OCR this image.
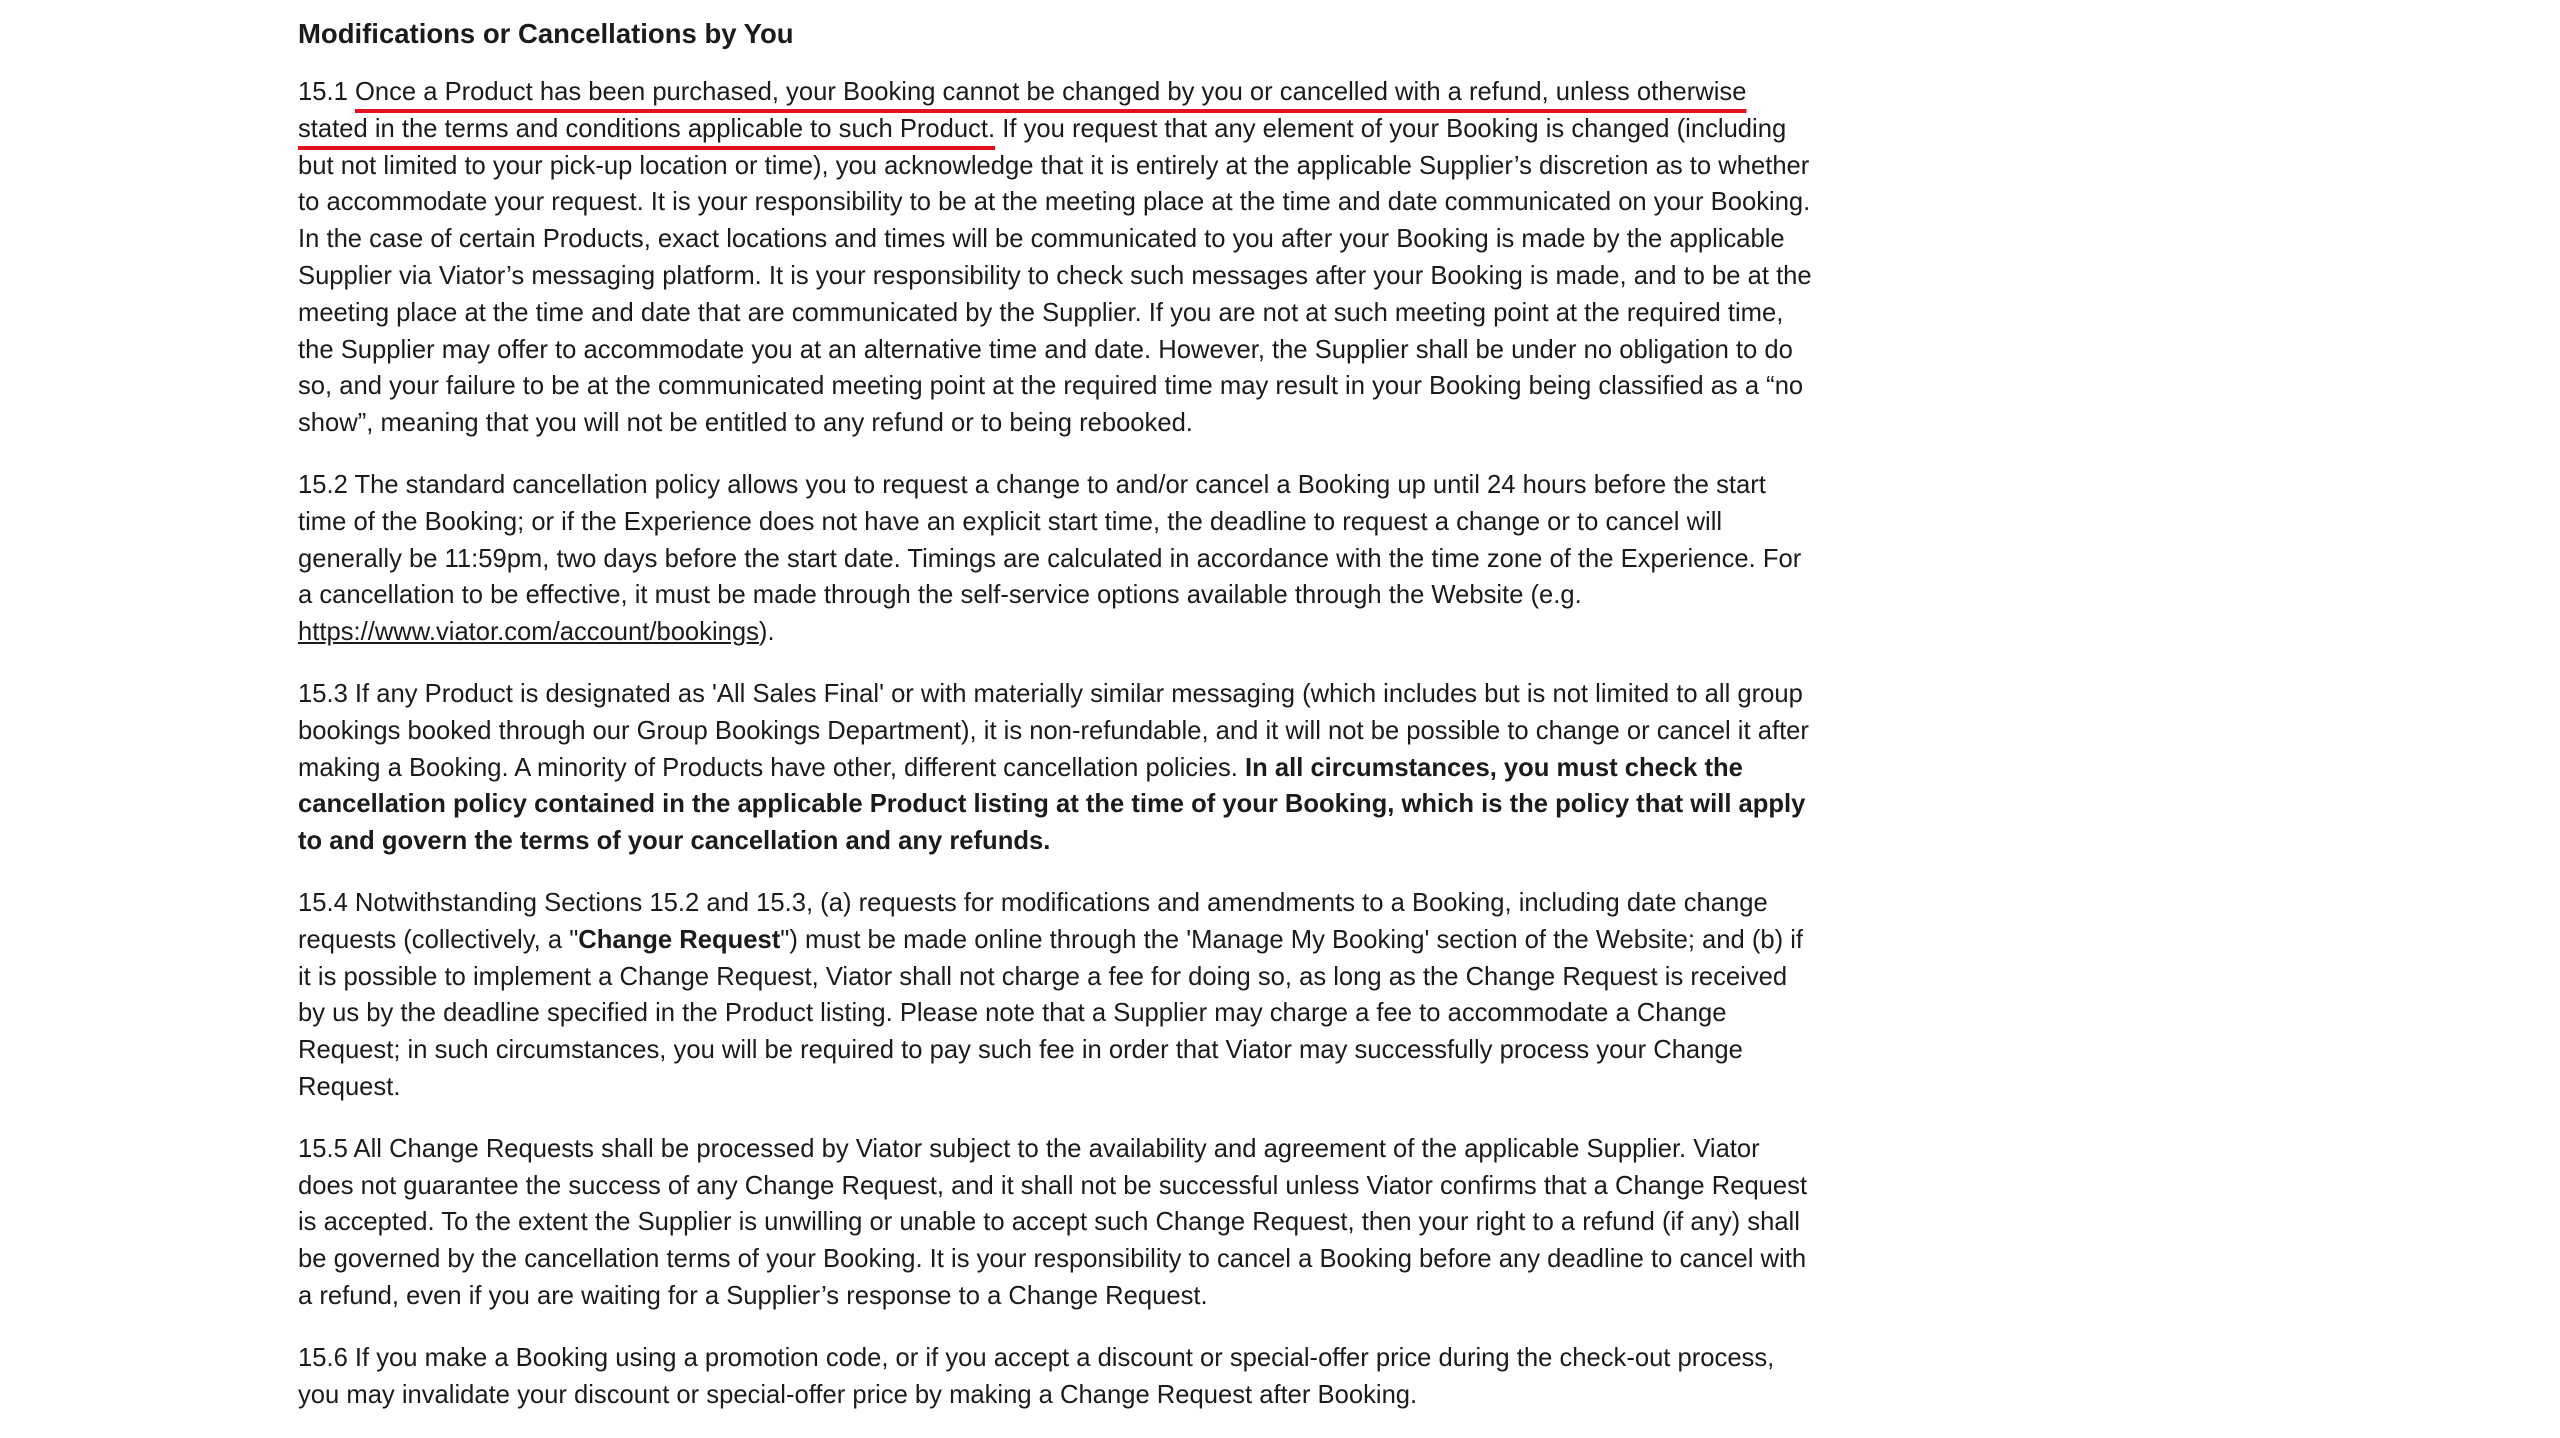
Modifications or Cancellations by You

15.1 Once a Product has been purchased, your Booking cannot be changed by you or cancelled with a refund, unless otherwise stated in the terms and conditions applicable to such Product. If you request that any element of your Booking is changed (including but not limited to your pick-up location or time), you acknowledge that it is entirely at the applicable Supplier’s discretion as to whether to accommodate your request. It is your responsibility to be at the meeting place at the time and date communicated on your Booking. In the case of certain Products, exact locations and times will be communicated to you after your Booking is made by the applicable Supplier via Viator’s messaging platform. It is your responsibility to check such messages after your Booking is made, and to be at the meeting place at the time and date that are communicated by the Supplier. If you are not at such meeting point at the required time, the Supplier may offer to accommodate you at an alternative time and date. However, the Supplier shall be under no obligation to do so, and your failure to be at the communicated meeting point at the required time may result in your Booking being classified as a “no show”, meaning that you will not be entitled to any refund or to being rebooked.

15.2 The standard cancellation policy allows you to request a change to and/or cancel a Booking up until 24 hours before the start time of the Booking; or if the Experience does not have an explicit start time, the deadline to request a change or to cancel will generally be 11:59pm, two days before the start date. Timings are calculated in accordance with the time zone of the Experience. For a cancellation to be effective, it must be made through the self-service options available through the Website (e.g. https://www.viator.com/account/bookings).

15.3 If any Product is designated as 'All Sales Final' or with materially similar messaging (which includes but is not limited to all group bookings booked through our Group Bookings Department), it is non-refundable, and it will not be possible to change or cancel it after making a Booking. A minority of Products have other, different cancellation policies. In all circumstances, you must check the cancellation policy contained in the applicable Product listing at the time of your Booking, which is the policy that will apply to and govern the terms of your cancellation and any refunds.

15.4 Notwithstanding Sections 15.2 and 15.3, (a) requests for modifications and amendments to a Booking, including date change requests (collectively, a "Change Request") must be made online through the 'Manage My Booking' section of the Website; and (b) if it is possible to implement a Change Request, Viator shall not charge a fee for doing so, as long as the Change Request is received by us by the deadline specified in the Product listing. Please note that a Supplier may charge a fee to accommodate a Change Request; in such circumstances, you will be required to pay such fee in order that Viator may successfully process your Change Request.

15.5 All Change Requests shall be processed by Viator subject to the availability and agreement of the applicable Supplier. Viator does not guarantee the success of any Change Request, and it shall not be successful unless Viator confirms that a Change Request is accepted. To the extent the Supplier is unwilling or unable to accept such Change Request, then your right to a refund (if any) shall be governed by the cancellation terms of your Booking. It is your responsibility to cancel a Booking before any deadline to cancel with a refund, even if you are waiting for a Supplier’s response to a Change Request.

15.6 If you make a Booking using a promotion code, or if you accept a discount or special-offer price during the check-out process, you may invalidate your discount or special-offer price by making a Change Request after Booking.
